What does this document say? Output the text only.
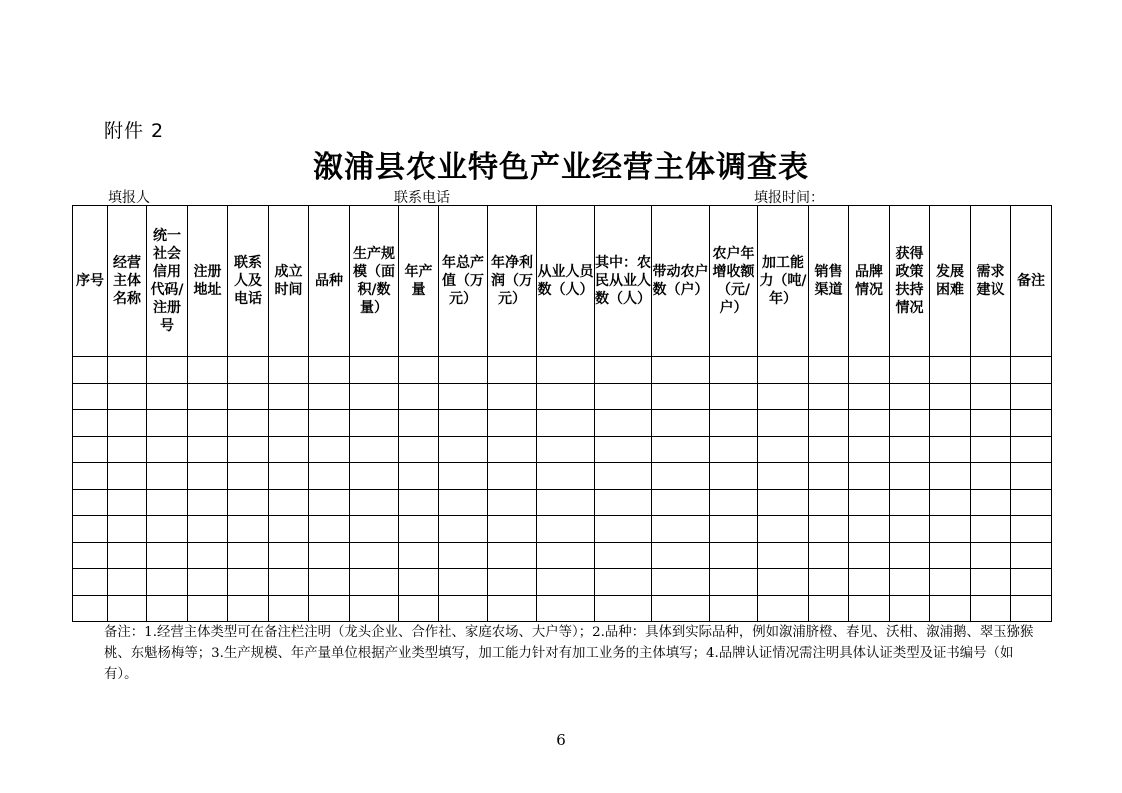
附件 2
溆浦县农业特色产业经营主体调查表
填报人	联系电话	填报时间：
序号	经营主体名称	统一社会信用代码/注册号	注册地址	联系人及电话	成立时间	品种	生产规模（面积/数量）	年产量	年总产值（万元）	年净利润（万元）	从业人员数（人）	其中：农民从业人数（人）	带动农户数（户）	农户年增收额（元/户）	加工能力（吨/年）	销售渠道	品牌情况	获得政策扶持情况	发展困难	需求建议	备注

备注：1.经营主体类型可在备注栏注明（龙头企业、合作社、家庭农场、大户等）；2.品种：具体到实际品种，例如溆浦脐橙、春见、沃柑、溆浦鹅、翠玉猕猴桃、东魁杨梅等；3.生产规模、年产量单位根据产业类型填写，加工能力针对有加工业务的主体填写；4.品牌认证情况需注明具体认证类型及证书编号（如有）。
6
